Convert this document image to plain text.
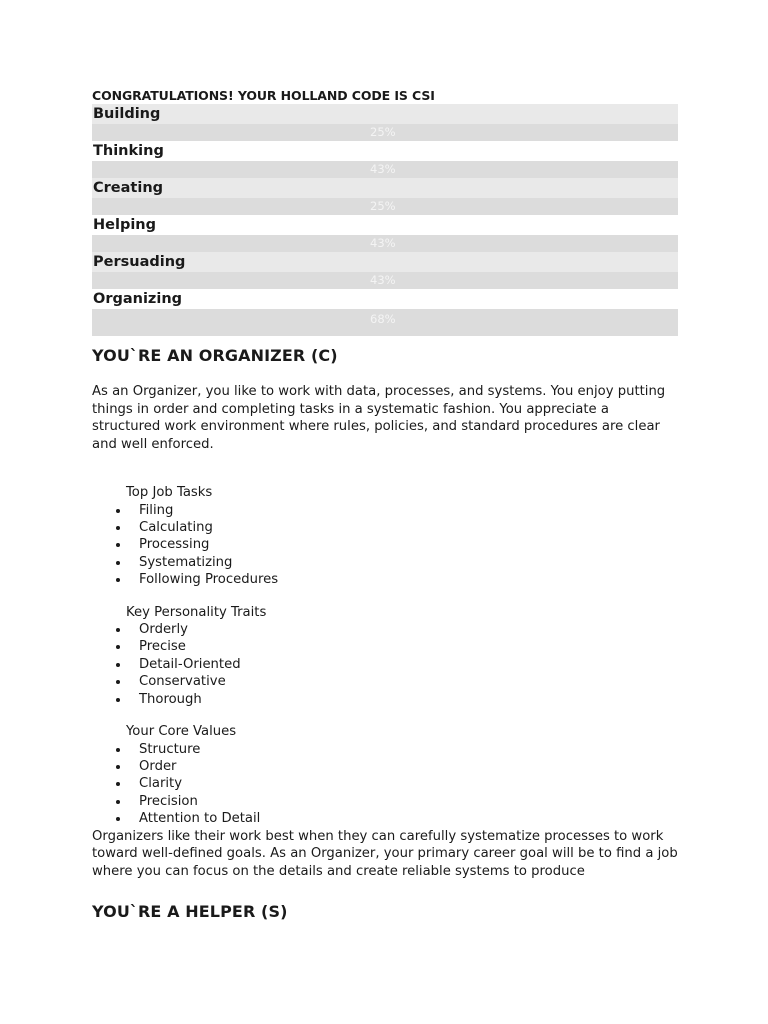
CONGRATULATIONS! YOUR HOLLAND CODE IS CSI

Building
25%
Thinking
43%
Creating
25%
Helping
43%
Persuading
43%
Organizing
68%
YOU`RE AN ORGANIZER (C)

As an Organizer, you like to work with data, processes, and systems. You enjoy putting things in order and completing tasks in a systematic fashion. You appreciate a structured work environment where rules, policies, and standard procedures are clear and well enforced.

Top Job Tasks

Filing
Calculating
Processing
Systematizing
Following Procedures

Key Personality Traits

Orderly
Precise
Detail-Oriented
Conservative
Thorough

Your Core Values

Structure
Order
Clarity
Precision
Attention to Detail

Organizers like their work best when they can carefully systematize processes to work toward well-defined goals. As an Organizer, your primary career goal will be to find a job where you can focus on the details and create reliable systems to produce

YOU`RE A HELPER (S)
